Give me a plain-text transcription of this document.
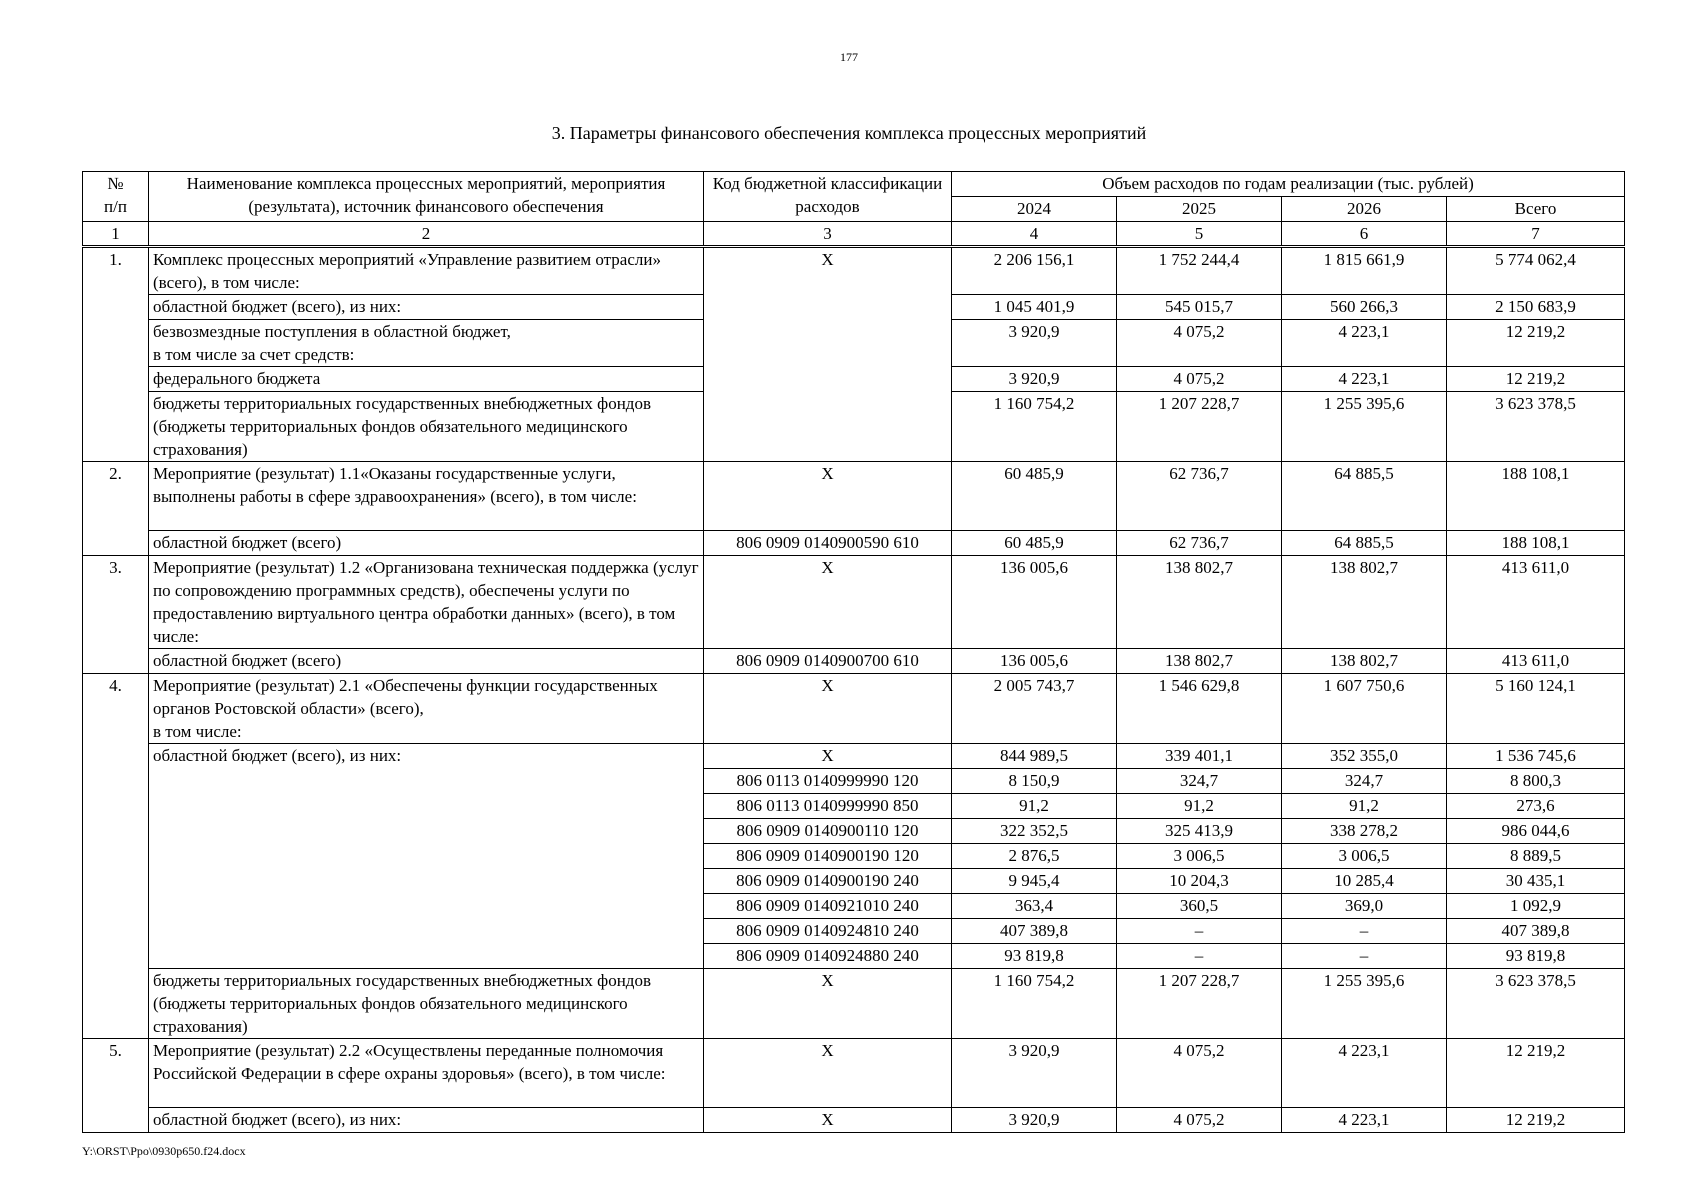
177
3. Параметры финансового обеспечения комплекса процессных мероприятий
№
п/п	Наименование комплекса процессных мероприятий, мероприятия (результата), источник финансового обеспечения	Код бюджетной классификации расходов	Объем расходов по годам реализации (тыс. рублей)			
			2024	2025	2026	Всего
1	2	3	4	5	6	7
1.	Комплекс процессных мероприятий «Управление развитием отрасли» (всего), в том числе:	Х	2 206 156,1	1 752 244,4	1 815 661,9	5 774 062,4
	областной бюджет (всего), из них:		1 045 401,9	545 015,7	560 266,3	2 150 683,9
	безвозмездные поступления в областной бюджет,
в том числе за счет средств:		3 920,9	4 075,2	4 223,1	12 219,2
	федерального бюджета		3 920,9	4 075,2	4 223,1	12 219,2
	бюджеты территориальных государственных внебюджетных фондов (бюджеты территориальных фондов обязательного медицинского страхования)		1 160 754,2	1 207 228,7	1 255 395,6	3 623 378,5
2.	Мероприятие (результат) 1.1«Оказаны государственные услуги, выполнены работы в сфере здравоохранения» (всего), в том числе:	Х	60 485,9	62 736,7	64 885,5	188 108,1
	областной бюджет (всего)	806 0909 0140900590 610	60 485,9	62 736,7	64 885,5	188 108,1
3.	Мероприятие (результат) 1.2 «Организована техническая поддержка (услуг по сопровождению программных средств), обеспечены услуги по предоставлению виртуального центра обработки данных» (всего), в том числе:	Х	136 005,6	138 802,7	138 802,7	413 611,0
	областной бюджет (всего)	806 0909 0140900700 610	136 005,6	138 802,7	138 802,7	413 611,0
4.	Мероприятие (результат) 2.1 «Обеспечены функции государственных органов Ростовской области» (всего),
в том числе:	Х	2 005 743,7	1 546 629,8	1 607 750,6	5 160 124,1
	областной бюджет (всего), из них:	Х	844 989,5	339 401,1	352 355,0	1 536 745,6
		806 0113 0140999990 120	8 150,9	324,7	324,7	8 800,3
		806 0113 0140999990 850	91,2	91,2	91,2	273,6
		806 0909 0140900110 120	322 352,5	325 413,9	338 278,2	986 044,6
		806 0909 0140900190 120	2 876,5	3 006,5	3 006,5	8 889,5
		806 0909 0140900190 240	9 945,4	10 204,3	10 285,4	30 435,1
		806 0909 0140921010 240	363,4	360,5	369,0	1 092,9
		806 0909 0140924810 240	407 389,8	–	–	407 389,8
		806 0909 0140924880 240	93 819,8	–	–	93 819,8
	бюджеты территориальных государственных внебюджетных фондов (бюджеты территориальных фондов обязательного медицинского страхования)	Х	1 160 754,2	1 207 228,7	1 255 395,6	3 623 378,5
5.	Мероприятие (результат) 2.2 «Осуществлены переданные полномочия Российской Федерации в сфере охраны здоровья» (всего), в том числе:	Х	3 920,9	4 075,2	4 223,1	12 219,2
	областной бюджет (всего), из них:	Х	3 920,9	4 075,2	4 223,1	12 219,2
Y:\ORST\Ppo\0930p650.f24.docx
